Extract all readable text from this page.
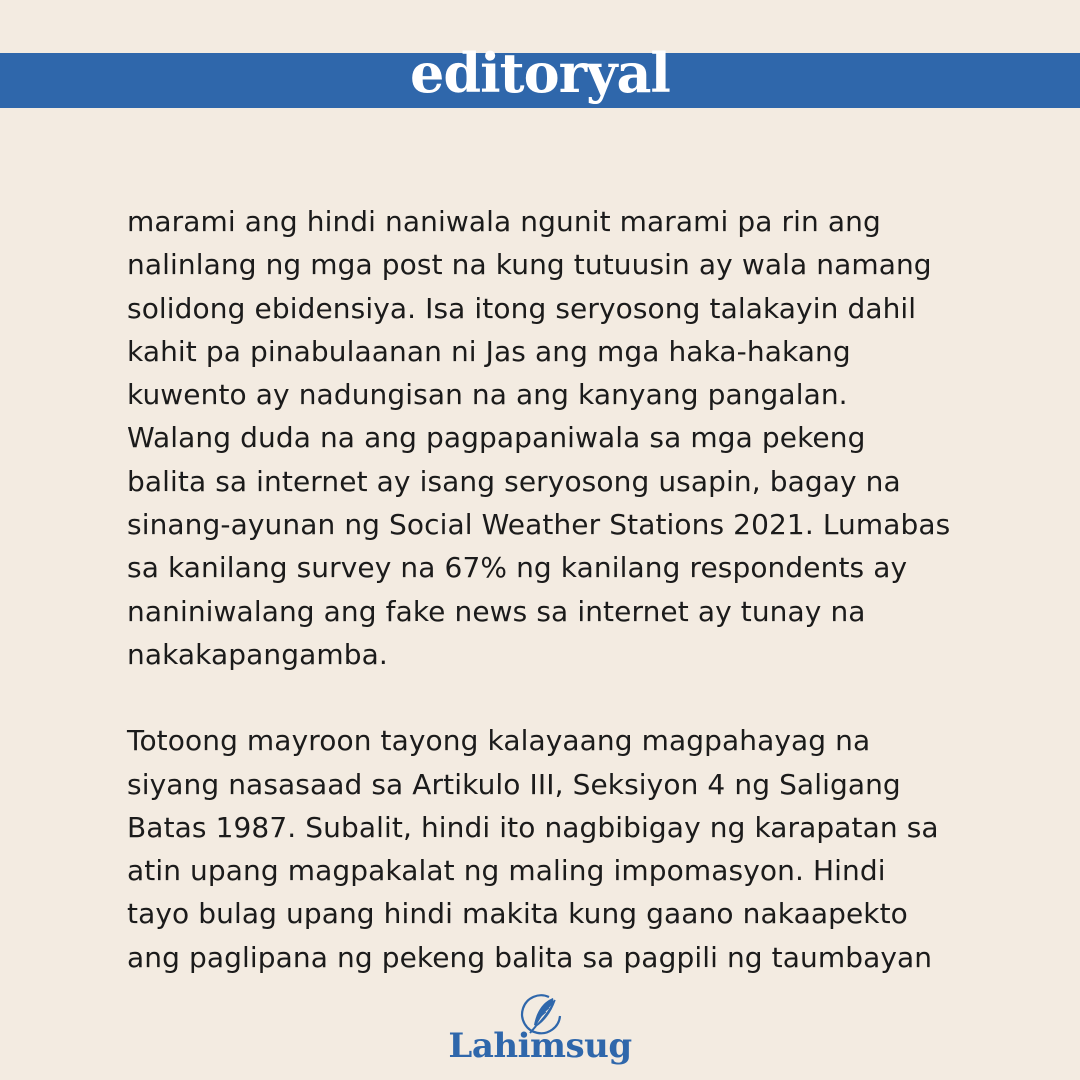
editoryal

marami ang hindi naniwala ngunit marami pa rin ang
nalinlang ng mga post na kung tutuusin ay wala namang
solidong ebidensiya. Isa itong seryosong talakayin dahil
kahit pa pinabulaanan ni Jas ang mga haka-hakang
kuwento ay nadungisan na ang kanyang pangalan.
Walang duda na ang pagpapaniwala sa mga pekeng
balita sa internet ay isang seryosong usapin, bagay na
sinang-ayunan ng Social Weather Stations 2021. Lumabas
sa kanilang survey na 67% ng kanilang respondents ay
naniniwalang ang fake news sa internet ay tunay na
nakakapangamba.

Totoong mayroon tayong kalayaang magpahayag na
siyang nasasaad sa Artikulo III, Seksiyon 4 ng Saligang
Batas 1987. Subalit, hindi ito nagbibigay ng karapatan sa
atin upang magpakalat ng maling impomasyon. Hindi
tayo bulag upang hindi makita kung gaano nakaapekto
ang paglipana ng pekeng balita sa pagpili ng taumbayan

Lahimsug
